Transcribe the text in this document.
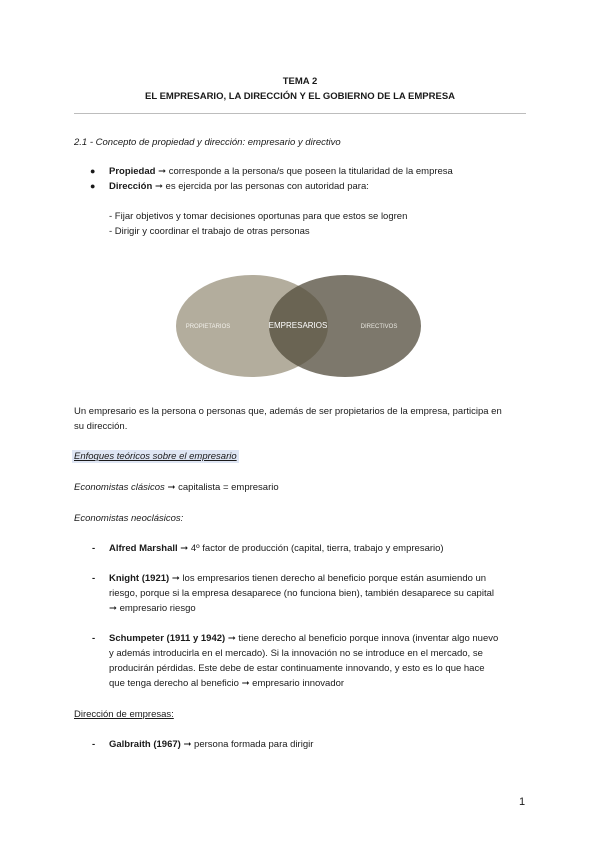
TEMA 2
EL EMPRESARIO, LA DIRECCIÓN Y EL GOBIERNO DE LA EMPRESA
2.1 - Concepto de propiedad y dirección: empresario y directivo
● Propiedad ➞ corresponde a la persona/s que poseen la titularidad de la empresa
● Dirección ➞ es ejercida por las personas con autoridad para:
- Fijar objetivos y tomar decisiones oportunas para que estos se logren
- Dirigir y coordinar el trabajo de otras personas
PROPIETARIOS	EMPRESARIOS	DIRECTIVOS
Un empresario es la persona o personas que, además de ser propietarios de la empresa, participa en
su dirección.
Enfoques teóricos sobre el empresario
Economistas clásicos ➞ capitalista = empresario
Economistas neoclásicos:
- Alfred Marshall ➞ 4º factor de producción (capital, tierra, trabajo y empresario)
- Knight (1921) ➞ los empresarios tienen derecho al beneficio porque están asumiendo un
riesgo, porque si la empresa desaparece (no funciona bien), también desaparece su capital
➞ empresario riesgo
- Schumpeter (1911 y 1942) ➞ tiene derecho al beneficio porque innova (inventar algo nuevo
y además introducirla en el mercado). Si la innovación no se introduce en el mercado, se
producirán pérdidas. Este debe de estar continuamente innovando, y esto es lo que hace
que tenga derecho al beneficio ➞ empresario innovador
Dirección de empresas:
- Galbraith (1967) ➞ persona formada para dirigir
1
